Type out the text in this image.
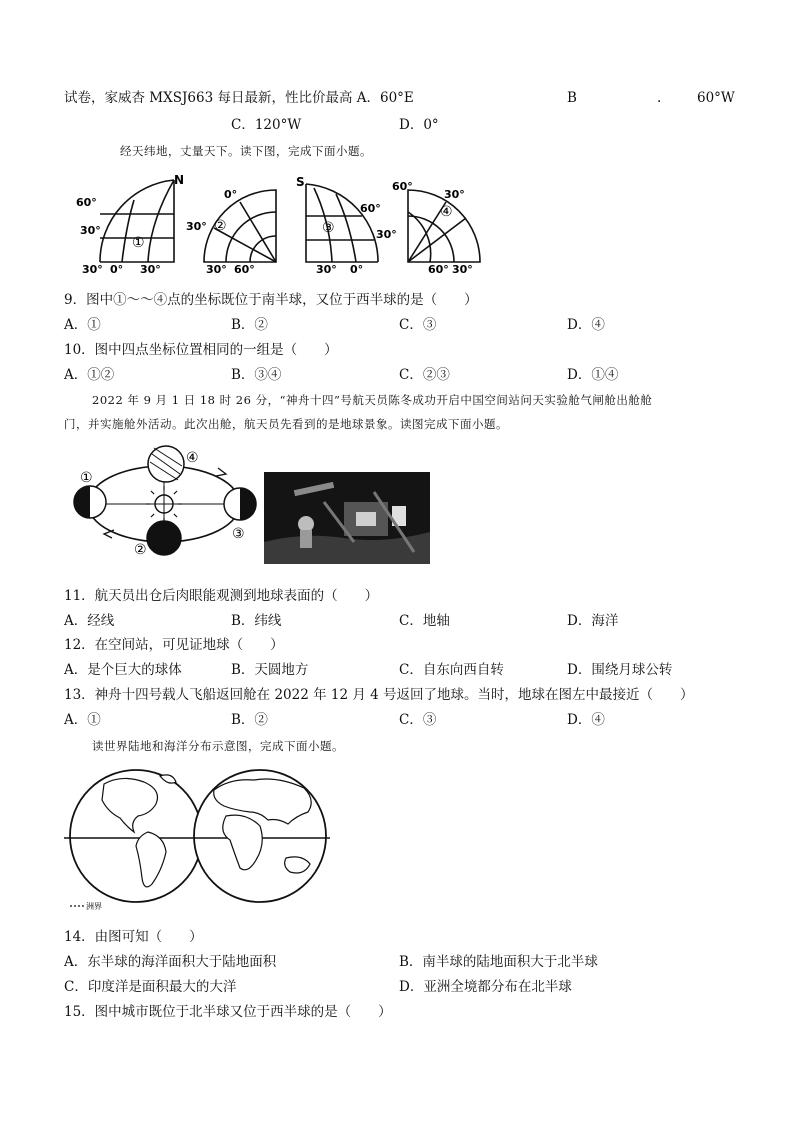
试卷，家威杏 MXSJ663 每日最新，性比价最高 A．60°E	B	.	60°W
C．120°W	D．0°
经天纬地，丈量天下。读下图，完成下面小题。
N
60°
30°
30° 0° 30°
①
0°
30°
30° 60°
②
S
60°
30°
30° 0°
③
60°
30°
60° 30°
④
9．图中①～～④点的坐标既位于南半球，又位于西半球的是（　　）
A．①	B．②	C．③	D．④
10．图中四点坐标位置相同的一组是（　　）
A．①②	B．③④	C．②③	D．①④
2022 年 9 月 1 日 18 时 26 分，“神舟十四”号航天员陈冬成功开启中国空间站问天实验舱气闸舱出舱舱
门，并实施舱外活动。此次出舱，航天员先看到的是地球景象。读图完成下面小题。
①
②
③
④
11．航天员出仓后肉眼能观测到地球表面的（　　）
A．经线	B．纬线	C．地轴	D．海洋
12．在空间站，可见证地球（　　）
A．是个巨大的球体	B．天圆地方	C．自东向西自转	D．围绕月球公转
13．神舟十四号载人飞船返回舱在 2022 年 12 月 4 号返回了地球。当时，地球在图左中最接近（　　）
A．①	B．②	C．③	D．④
读世界陆地和海洋分布示意图，完成下面小题。
洲界
14．由图可知（　　）
A．东半球的海洋面积大于陆地面积	B．南半球的陆地面积大于北半球
C．印度洋是面积最大的大洋	D．亚洲全境都分布在北半球
15．图中城市既位于北半球又位于西半球的是（　　）
